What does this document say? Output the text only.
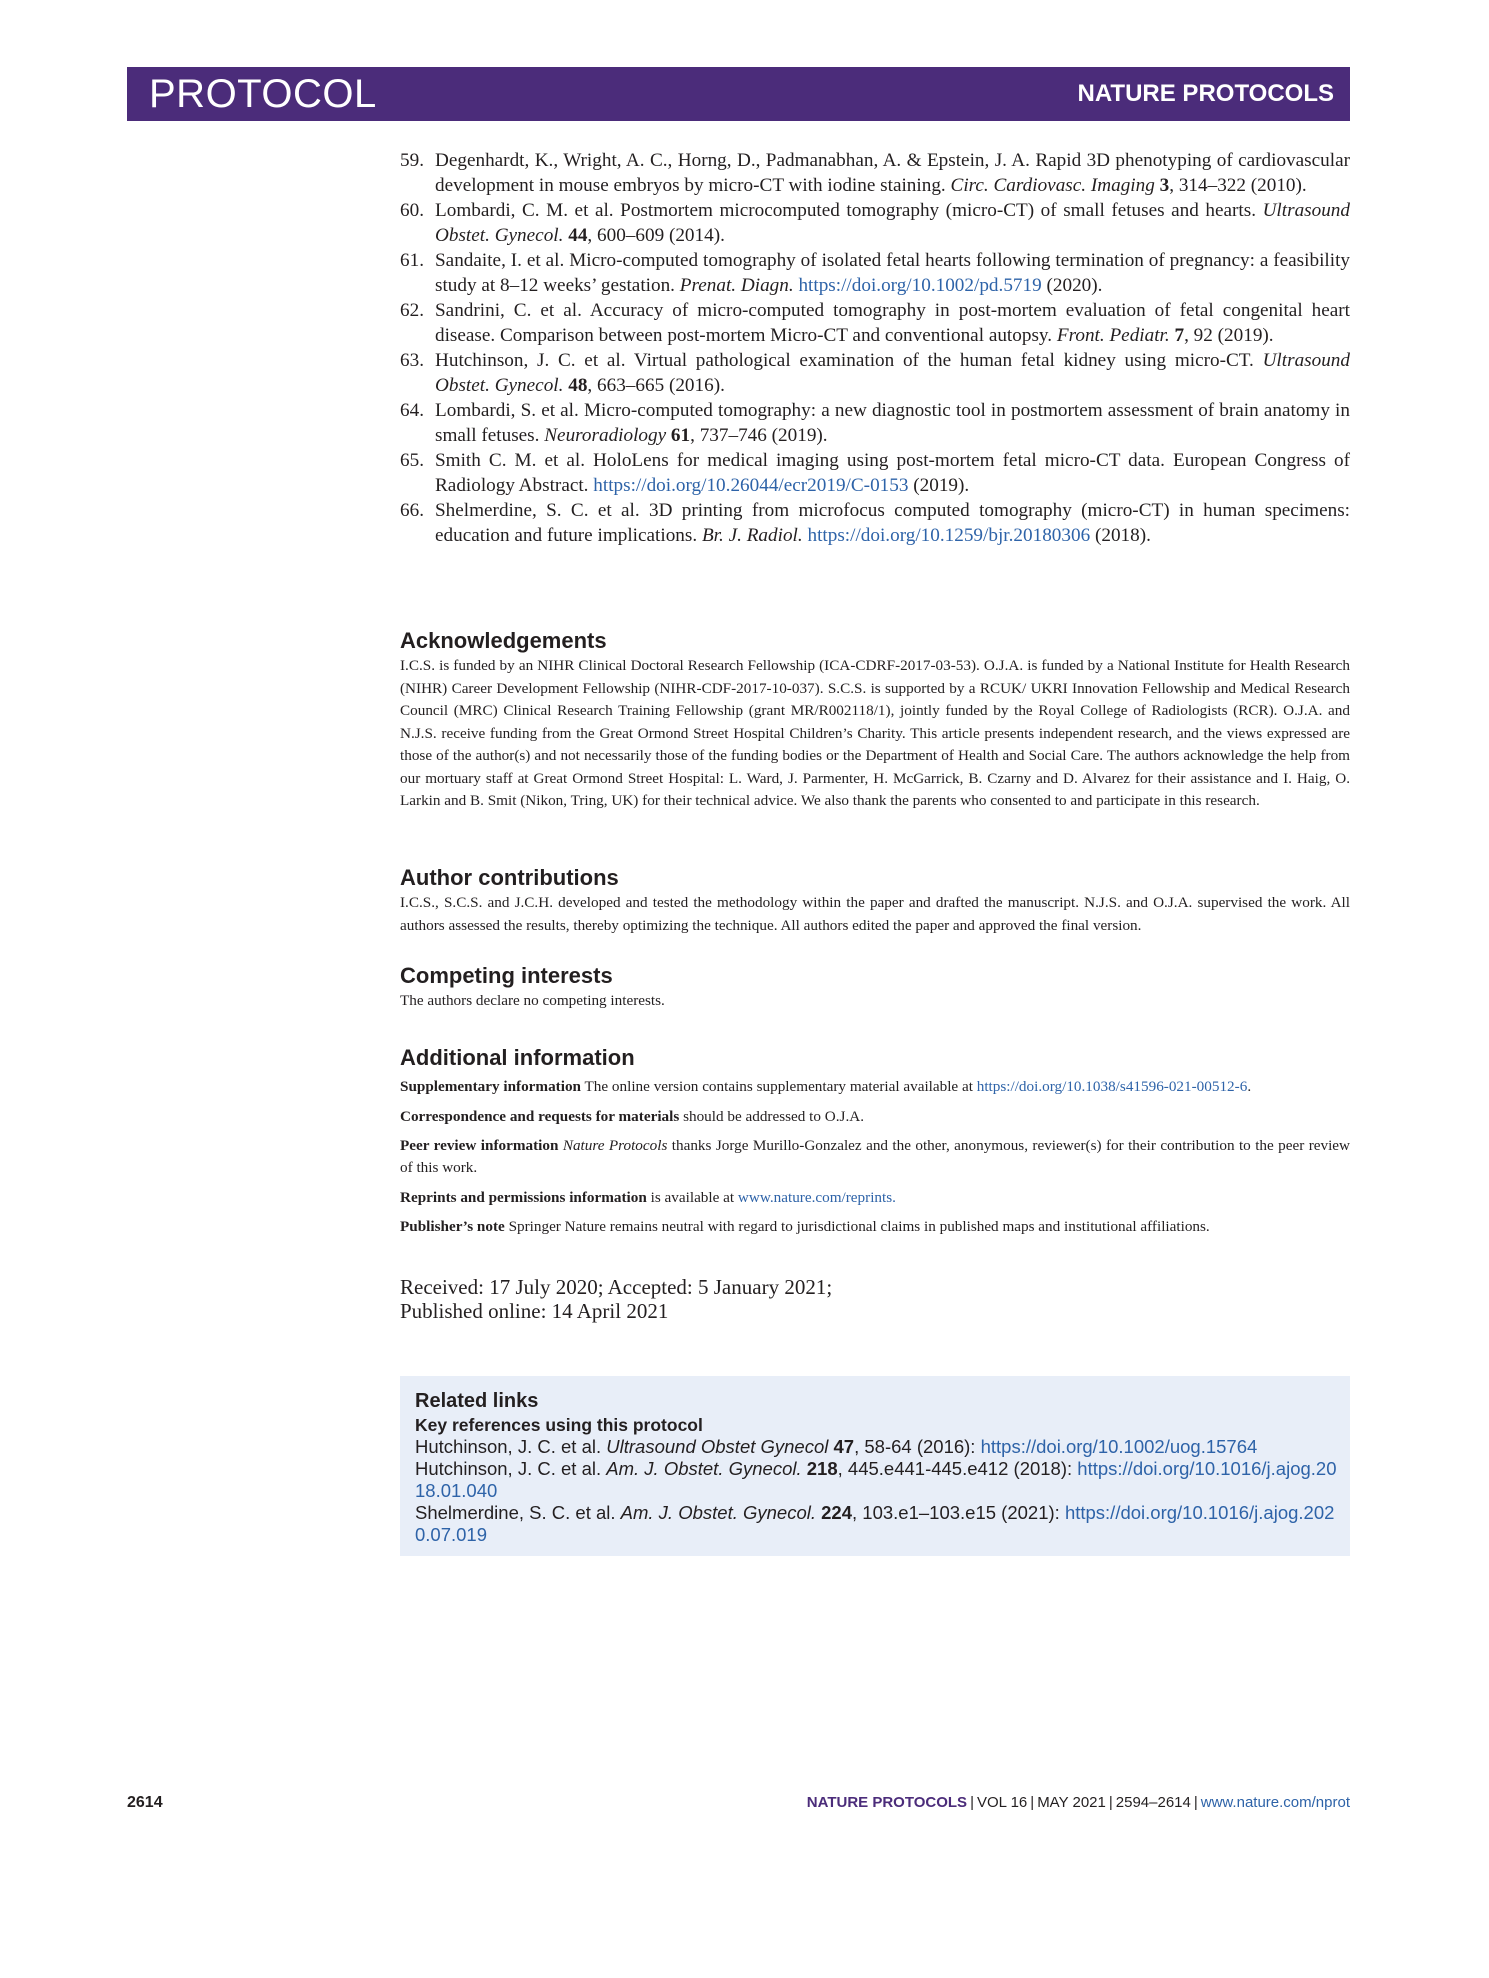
PROTOCOL	NATURE PROTOCOLS
59. Degenhardt, K., Wright, A. C., Horng, D., Padmanabhan, A. & Epstein, J. A. Rapid 3D phenotyping of cardiovascular development in mouse embryos by micro-CT with iodine staining. Circ. Cardiovasc. Imaging 3, 314–322 (2010).
60. Lombardi, C. M. et al. Postmortem microcomputed tomography (micro-CT) of small fetuses and hearts. Ultrasound Obstet. Gynecol. 44, 600–609 (2014).
61. Sandaite, I. et al. Micro-computed tomography of isolated fetal hearts following termination of pregnancy: a feasibility study at 8–12 weeks’ gestation. Prenat. Diagn. https://doi.org/10.1002/pd.5719 (2020).
62. Sandrini, C. et al. Accuracy of micro-computed tomography in post-mortem evaluation of fetal congenital heart disease. Comparison between post-mortem Micro-CT and conventional autopsy. Front. Pediatr. 7, 92 (2019).
63. Hutchinson, J. C. et al. Virtual pathological examination of the human fetal kidney using micro-CT. Ultrasound Obstet. Gynecol. 48, 663–665 (2016).
64. Lombardi, S. et al. Micro-computed tomography: a new diagnostic tool in postmortem assessment of brain anatomy in small fetuses. Neuroradiology 61, 737–746 (2019).
65. Smith C. M. et al. HoloLens for medical imaging using post-mortem fetal micro-CT data. European Congress of Radiology Abstract. https://doi.org/10.26044/ecr2019/C-0153 (2019).
66. Shelmerdine, S. C. et al. 3D printing from microfocus computed tomography (micro-CT) in human specimens: education and future implications. Br. J. Radiol. https://doi.org/10.1259/bjr.20180306 (2018).
Acknowledgements

I.C.S. is funded by an NIHR Clinical Doctoral Research Fellowship (ICA-CDRF-2017-03-53). O.J.A. is funded by a National Institute for Health Research (NIHR) Career Development Fellowship (NIHR-CDF-2017-10-037). S.C.S. is supported by a RCUK/ UKRI Innovation Fellowship and Medical Research Council (MRC) Clinical Research Training Fellowship (grant MR/R002118/1), jointly funded by the Royal College of Radiologists (RCR). O.J.A. and N.J.S. receive funding from the Great Ormond Street Hospital Children’s Charity. This article presents independent research, and the views expressed are those of the author(s) and not necessarily those of the funding bodies or the Department of Health and Social Care. The authors acknowledge the help from our mortuary staff at Great Ormond Street Hospital: L. Ward, J. Parmenter, H. McGarrick, B. Czarny and D. Alvarez for their assistance and I. Haig, O. Larkin and B. Smit (Nikon, Tring, UK) for their technical advice. We also thank the parents who consented to and participate in this research.

Author contributions

I.C.S., S.C.S. and J.C.H. developed and tested the methodology within the paper and drafted the manuscript. N.J.S. and O.J.A. supervised the work. All authors assessed the results, thereby optimizing the technique. All authors edited the paper and approved the final version.

Competing interests

The authors declare no competing interests.

Additional information

Supplementary information The online version contains supplementary material available at https://doi.org/10.1038/s41596-021-00512-6.

Correspondence and requests for materials should be addressed to O.J.A.

Peer review information Nature Protocols thanks Jorge Murillo-Gonzalez and the other, anonymous, reviewer(s) for their contribution to the peer review of this work.

Reprints and permissions information is available at www.nature.com/reprints.

Publisher’s note Springer Nature remains neutral with regard to jurisdictional claims in published maps and institutional affiliations.

Received: 17 July 2020; Accepted: 5 January 2021;
Published online: 14 April 2021
Related links
Key references using this protocol
Hutchinson, J. C. et al. Ultrasound Obstet Gynecol 47, 58-64 (2016): https://doi.org/10.1002/uog.15764
Hutchinson, J. C. et al. Am. J. Obstet. Gynecol. 218, 445.e441-445.e412 (2018): https://doi.org/10.1016/j.ajog.2018.01.040
Shelmerdine, S. C. et al. Am. J. Obstet. Gynecol. 224, 103.e1–103.e15 (2021): https://doi.org/10.1016/j.ajog.2020.07.019
2614	NATURE PROTOCOLS | VOL 16 | MAY 2021 | 2594–2614 | www.nature.com/nprot
